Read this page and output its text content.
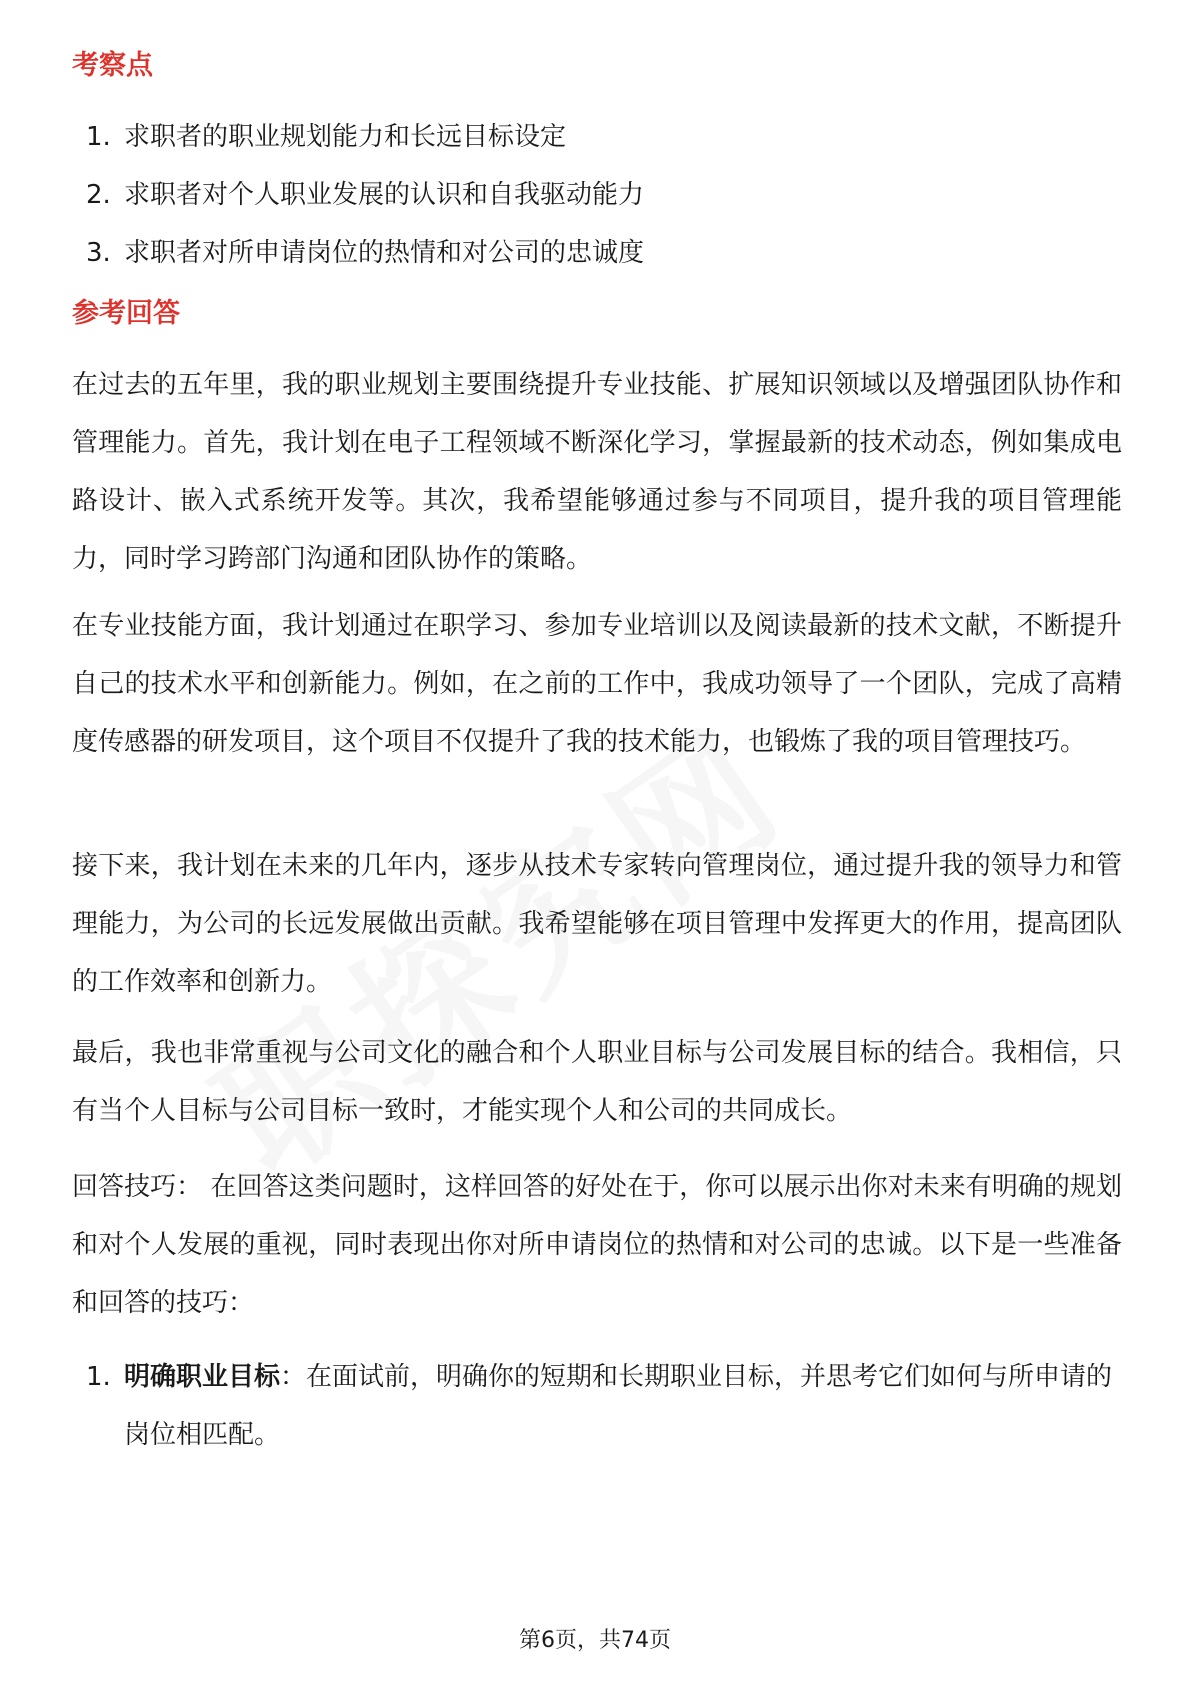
考察点
1. 求职者的职业规划能力和长远目标设定
2. 求职者对个人职业发展的认识和自我驱动能力
3. 求职者对所申请岗位的热情和对公司的忠诚度
参考回答

在过去的五年里，我的职业规划主要围绕提升专业技能、扩展知识领域以及增强团队协作和管理能力。首先，我计划在电子工程领域不断深化学习，掌握最新的技术动态，例如集成电路设计、嵌入式系统开发等。其次，我希望能够通过参与不同项目，提升我的项目管理能力，同时学习跨部门沟通和团队协作的策略。

在专业技能方面，我计划通过在职学习、参加专业培训以及阅读最新的技术文献，不断提升自己的技术水平和创新能力。例如，在之前的工作中，我成功领导了一个团队，完成了高精度传感器的研发项目，这个项目不仅提升了我的技术能力，也锻炼了我的项目管理技巧。

接下来，我计划在未来的几年内，逐步从技术专家转向管理岗位，通过提升我的领导力和管理能力，为公司的长远发展做出贡献。我希望能够在项目管理中发挥更大的作用，提高团队的工作效率和创新力。

最后，我也非常重视与公司文化的融合和个人职业目标与公司发展目标的结合。我相信，只有当个人目标与公司目标一致时，才能实现个人和公司的共同成长。

回答技巧： 在回答这类问题时，这样回答的好处在于，你可以展示出你对未来有明确的规划和对个人发展的重视，同时表现出你对所申请岗位的热情和对公司的忠诚。以下是一些准备和回答的技巧：

1. 明确职业目标：在面试前，明确你的短期和长期职业目标，并思考它们如何与所申请的岗位相匹配。
第6页，共74页
